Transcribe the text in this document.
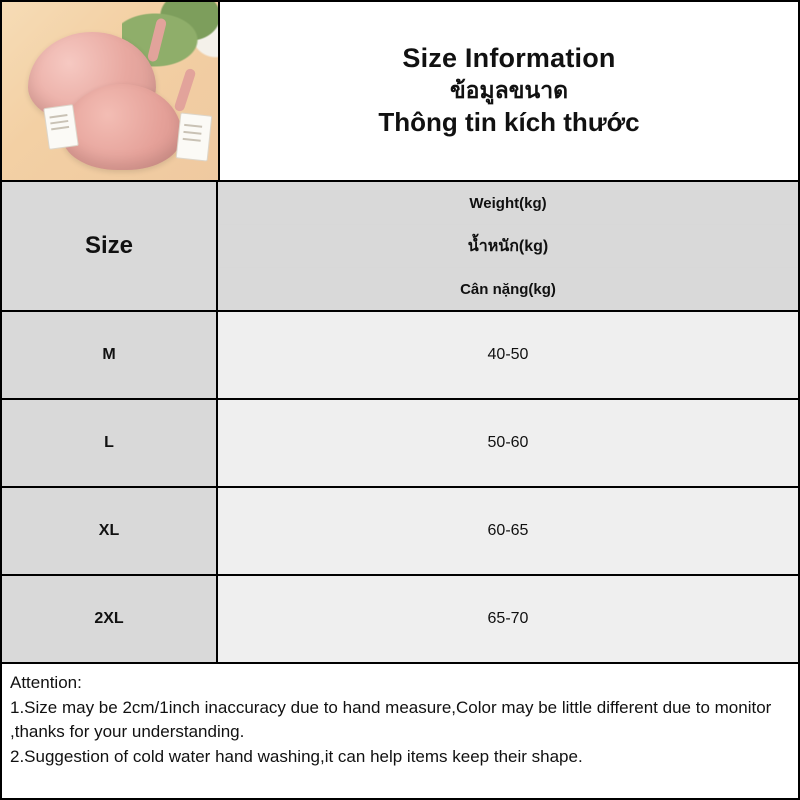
Size Information
ข้อมูลขนาด
Thông tin kích thước
Size
Weight(kg)
น้ำหนัก(kg)
Cân nặng(kg)
M	40-50
L	50-60
XL	60-65
2XL	65-70
Attention:
1.Size may be 2cm/1inch inaccuracy due to hand measure,Color may be little different due to monitor ,thanks for your understanding.
2.Suggestion of cold water hand washing,it can help items keep their shape.
